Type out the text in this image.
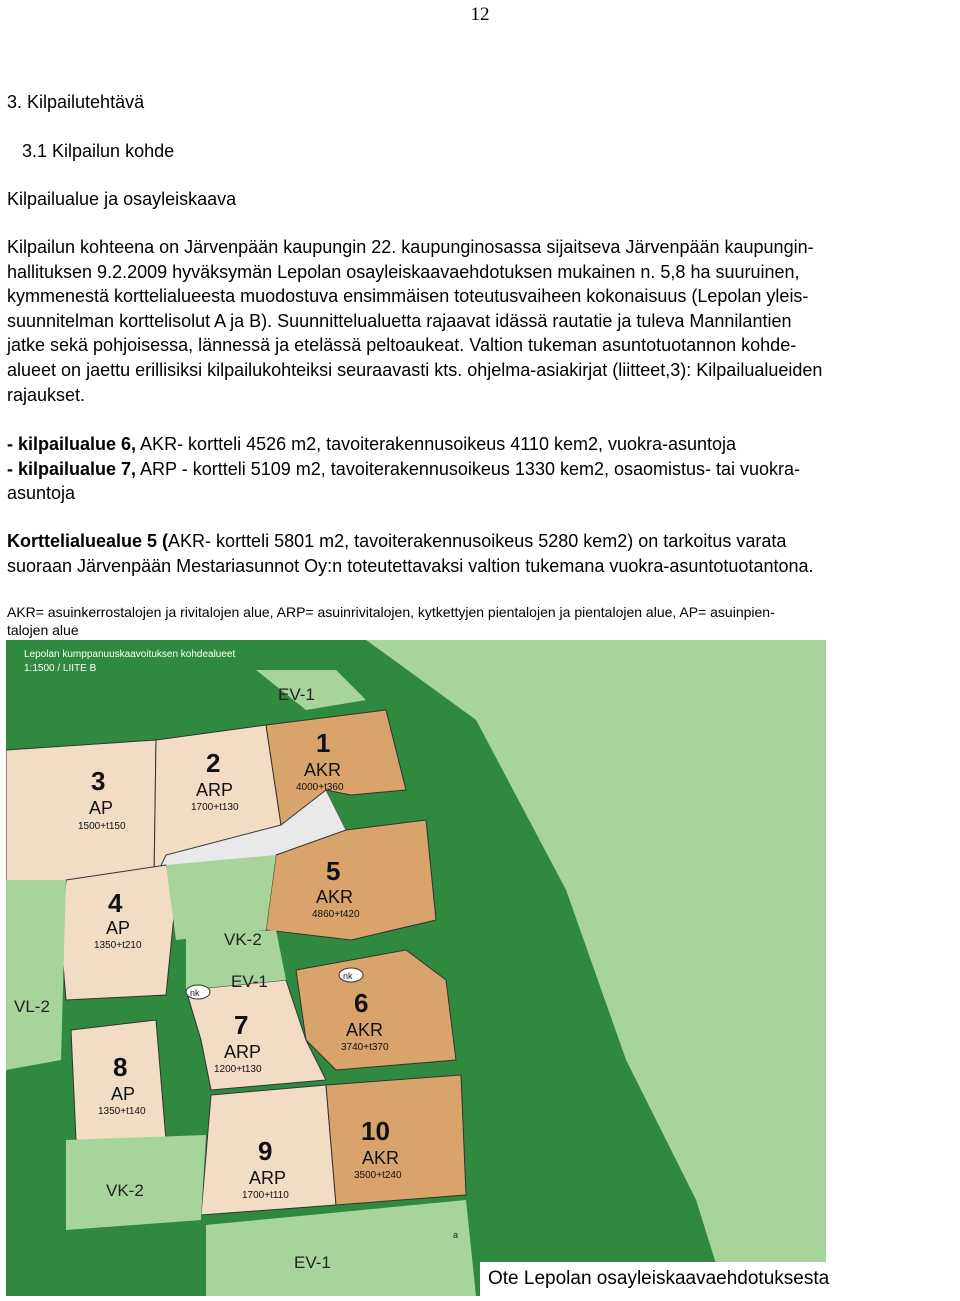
12
3. Kilpailutehtävä
3.1 Kilpailun kohde
Kilpailualue ja osayleiskaava
Kilpailun kohteena on Järvenpään kaupungin 22. kaupunginosassa sijaitseva Järvenpään kaupungin-
hallituksen 9.2.2009 hyväksymän Lepolan osayleiskaavaehdotuksen mukainen n. 5,8 ha suuruinen,
kymmenestä korttelialueesta muodostuva ensimmäisen toteutusvaiheen kokonaisuus (Lepolan yleis-
suunnitelman korttelisolut A ja B). Suunnittelualuetta rajaavat idässä rautatie ja tuleva Mannilantien
jatke sekä pohjoisessa, lännessä ja etelässä peltoaukeat. Valtion tukeman asuntotuotannon kohde-
alueet on jaettu erillisiksi kilpailukohteiksi seuraavasti kts. ohjelma-asiakirjat (liitteet,3): Kilpailualueiden
rajaukset.
- kilpailualue 6, AKR- kortteli 4526 m2, tavoiterakennusoikeus 4110 kem2, vuokra-asuntoja
- kilpailualue 7, ARP - kortteli 5109 m2, tavoiterakennusoikeus 1330 kem2, osaomistus- tai vuokra-
asuntoja
Korttelialuealue 5 (AKR- kortteli 5801 m2, tavoiterakennusoikeus 5280 kem2) on tarkoitus varata
suoraan Järvenpään Mestariasunnot Oy:n toteutettavaksi valtion tukemana vuokra-asuntotuotantona.
AKR= asuinkerrostalojen ja rivitalojen alue, ARP= asuinrivitalojen, kytkettyjen pientalojen ja pientalojen alue, AP= asuinpien-
talojen alue
Lepolan kumppanuuskaavoituksen kohdealueet
1:1500 / LIITE B
EV-1
VK-2
EV-1
VL-2
VK-2
EV-1
nk
nk
a
1
AKR
4000+t360
2
ARP
1700+t130
3
AP
1500+t150
5
AKR
4860+t420
4
AP
1350+t210
6
AKR
3740+t370
7
ARP
1200+t130
8
AP
1350+t140
9
ARP
1700+t110
10
AKR
3500+t240
Ote Lepolan osayleiskaavaehdotuksesta
